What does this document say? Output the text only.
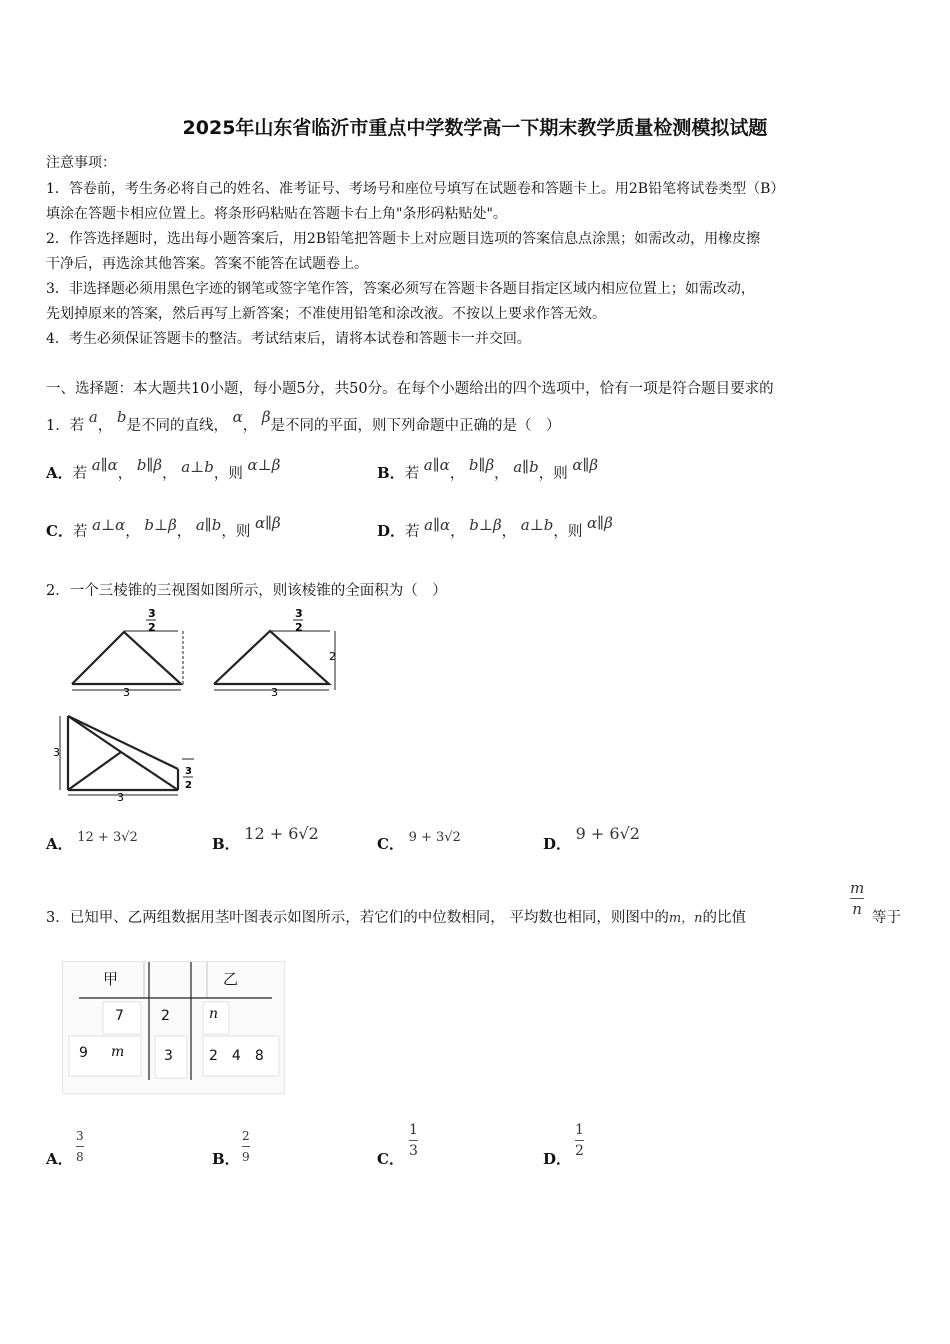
2025年山东省临沂市重点中学数学高一下期末教学质量检测模拟试题
注意事项：
1．答卷前，考生务必将自己的姓名、准考证号、考场号和座位号填写在试题卷和答题卡上。用2B铅笔将试卷类型（B）
填涂在答题卡相应位置上。将条形码粘贴在答题卡右上角"条形码粘贴处"。
2．作答选择题时，选出每小题答案后，用2B铅笔把答题卡上对应题目选项的答案信息点涂黑；如需改动，用橡皮擦
干净后，再选涂其他答案。答案不能答在试题卷上。
3．非选择题必须用黑色字迹的钢笔或签字笔作答，答案必须写在答题卡各题目指定区域内相应位置上；如需改动，
先划掉原来的答案，然后再写上新答案；不准使用铅笔和涂改液。不按以上要求作答无效。
4．考生必须保证答题卡的整洁。考试结束后，请将本试卷和答题卡一并交回。
一、选择题：本大题共10小题，每小题5分，共50分。在每个小题给出的四个选项中，恰有一项是符合题目要求的
1．若 a， b是不同的直线， α， β是不同的平面，则下列命题中正确的是（　）
A．若 a∥α， b∥β， a⊥b，则 α⊥β	B．若 a∥α， b∥β， a∥b，则 α∥β
C．若 a⊥α， b⊥β， a∥b，则 α∥β	D．若 a∥α， b⊥β， a⊥b，则 α∥β
2．一个三棱锥的三视图如图所示，则该棱锥的全面积为（　）
3
3
2
3
2
3
2
3
3
3
2
A． 12 + 3√2	B． 12 + 6√2
C． 9 + 3√2	D． 9 + 6√2
3．已知甲、乙两组数据用茎叶图表示如图所示，若它们的中位数相同， 平均数也相同，则图中的m，n的比值
m
n 等于
甲	乙
7	2	n
9 m	3	2　4　8
A．
3
8	B．
2
9	C．
1
3	D．
1
2
